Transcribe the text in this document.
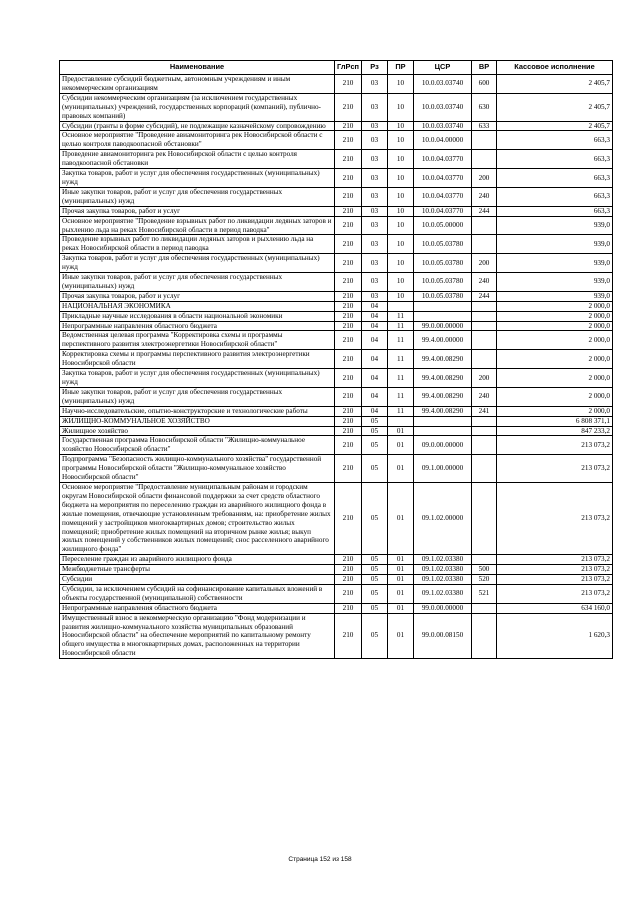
Наименование	ГлРсп	Рз	ПР	ЦСР	ВР	Кассовое исполнение
Предоставление субсидий бюджетным, автономным учреждениям и иным некоммерческим организациям	210	03	10	10.0.03.03740	600	2 405,7
Субсидии некоммерческим организациям (за исключением государственных (муниципальных) учреждений, государственных корпораций (компаний), публично-правовых компаний)	210	03	10	10.0.03.03740	630	2 405,7
Субсидии (гранты в форме субсидий), не подлежащие казначейскому сопровождению	210	03	10	10.0.03.03740	633	2 405,7
Основное мероприятие "Проведение авиамониторинга рек Новосибирской области с целью контроля паводкоопасной обстановки"	210	03	10	10.0.04.00000		663,3
Проведение авиамониторинга рек Новосибирской области с целью контроля паводкоопасной обстановки	210	03	10	10.0.04.03770		663,3
Закупка товаров, работ и услуг для обеспечения государственных (муниципальных) нужд	210	03	10	10.0.04.03770	200	663,3
Иные закупки товаров, работ и услуг для обеспечения государственных (муниципальных) нужд	210	03	10	10.0.04.03770	240	663,3
Прочая закупка товаров, работ и услуг	210	03	10	10.0.04.03770	244	663,3
Основное мероприятие "Проведение взрывных работ по ликвидации ледяных заторов и рыхлению льда на реках Новосибирской области в период паводка"	210	03	10	10.0.05.00000		939,0
Проведение взрывных работ по ликвидации ледяных заторов и рыхлению льда на реках Новосибирской области в период паводка	210	03	10	10.0.05.03780		939,0
Закупка товаров, работ и услуг для обеспечения государственных (муниципальных) нужд	210	03	10	10.0.05.03780	200	939,0
Иные закупки товаров, работ и услуг для обеспечения государственных (муниципальных) нужд	210	03	10	10.0.05.03780	240	939,0
Прочая закупка товаров, работ и услуг	210	03	10	10.0.05.03780	244	939,0
НАЦИОНАЛЬНАЯ ЭКОНОМИКА	210	04				2 000,0
Прикладные научные исследования в области национальной экономики	210	04	11			2 000,0
Непрограммные направления областного бюджета	210	04	11	99.0.00.00000		2 000,0
Ведомственная целевая программа "Корректировка схемы и программы перспективного развития электроэнергетики Новосибирской области"	210	04	11	99.4.00.00000		2 000,0
Корректировка схемы и программы перспективного развития электроэнергетики Новосибирской области	210	04	11	99.4.00.08290		2 000,0
Закупка товаров, работ и услуг для обеспечения государственных (муниципальных) нужд	210	04	11	99.4.00.08290	200	2 000,0
Иные закупки товаров, работ и услуг для обеспечения государственных (муниципальных) нужд	210	04	11	99.4.00.08290	240	2 000,0
Научно-исследовательские, опытно-конструкторские и технологические работы	210	04	11	99.4.00.08290	241	2 000,0
ЖИЛИЩНО-КОММУНАЛЬНОЕ ХОЗЯЙСТВО	210	05				6 808 371,1
Жилищное хозяйство	210	05	01			847 233,2
Государственная программа Новосибирской области "Жилищно-коммунальное хозяйство Новосибирской области"	210	05	01	09.0.00.00000		213 073,2
Подпрограмма "Безопасность жилищно-коммунального хозяйства" государственной программы Новосибирской области "Жилищно-коммунальное хозяйство Новосибирской области"	210	05	01	09.1.00.00000		213 073,2
Основное мероприятие "Предоставление муниципальным районам и городским округам Новосибирской области финансовой поддержки за счет средств областного бюджета на мероприятия по переселению граждан из аварийного жилищного фонда в жилые помещения, отвечающие установленным требованиям, на: приобретение жилых помещений у застройщиков многоквартирных домов; строительство жилых помещений; приобретение жилых помещений на вторичном рынке жилья; выкуп жилых помещений у собственников жилых помещений; снос расселенного аварийного жилищного фонда"	210	05	01	09.1.02.00000		213 073,2
Переселение граждан из аварийного жилищного фонда	210	05	01	09.1.02.03380		213 073,2
Межбюджетные трансферты	210	05	01	09.1.02.03380	500	213 073,2
Субсидии	210	05	01	09.1.02.03380	520	213 073,2
Субсидии, за исключением субсидий на софинансирование капитальных вложений в объекты государственной (муниципальной) собственности	210	05	01	09.1.02.03380	521	213 073,2
Непрограммные направления областного бюджета	210	05	01	99.0.00.00000		634 160,0
Имущественный взнос в некоммерческую организацию "Фонд модернизации и развития жилищно-коммунального хозяйства муниципальных образований Новосибирской области" на обеспечение мероприятий по капитальному ремонту общего имущества в многоквартирных домах, расположенных на территории Новосибирской области	210	05	01	99.0.00.08150		1 620,3
Страница 152 из 158
